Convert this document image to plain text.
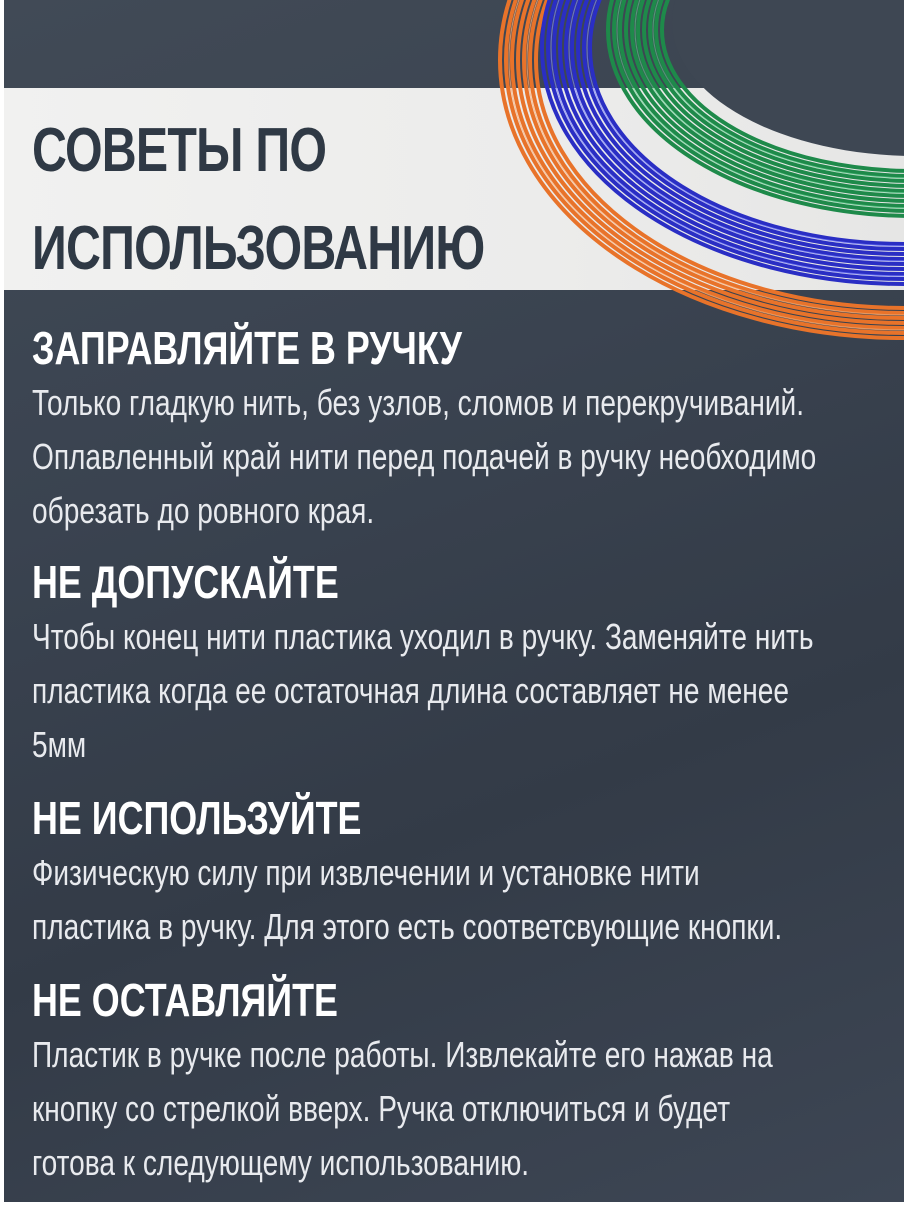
СОВЕТЫ ПО
ИСПОЛЬЗОВАНИЮ
ЗАПРАВЛЯЙТЕ В РУЧКУ

Только гладкую нить, без узлов, сломов и перекручиваний.
Оплавленный край нити перед подачей в ручку необходимо
обрезать до ровного края.

НЕ ДОПУСКАЙТЕ

Чтобы конец нити пластика уходил в ручку. Заменяйте нить
пластика когда ее остаточная длина составляет не менее
5мм

НЕ ИСПОЛЬЗУЙТЕ

Физическую силу при извлечении и установке нити
пластика в ручку. Для этого есть соответсвующие кнопки.

НЕ ОСТАВЛЯЙТЕ

Пластик в ручке после работы. Извлекайте его нажав на
кнопку со стрелкой вверх. Ручка отключиться и будет
готова к следующему использованию.
